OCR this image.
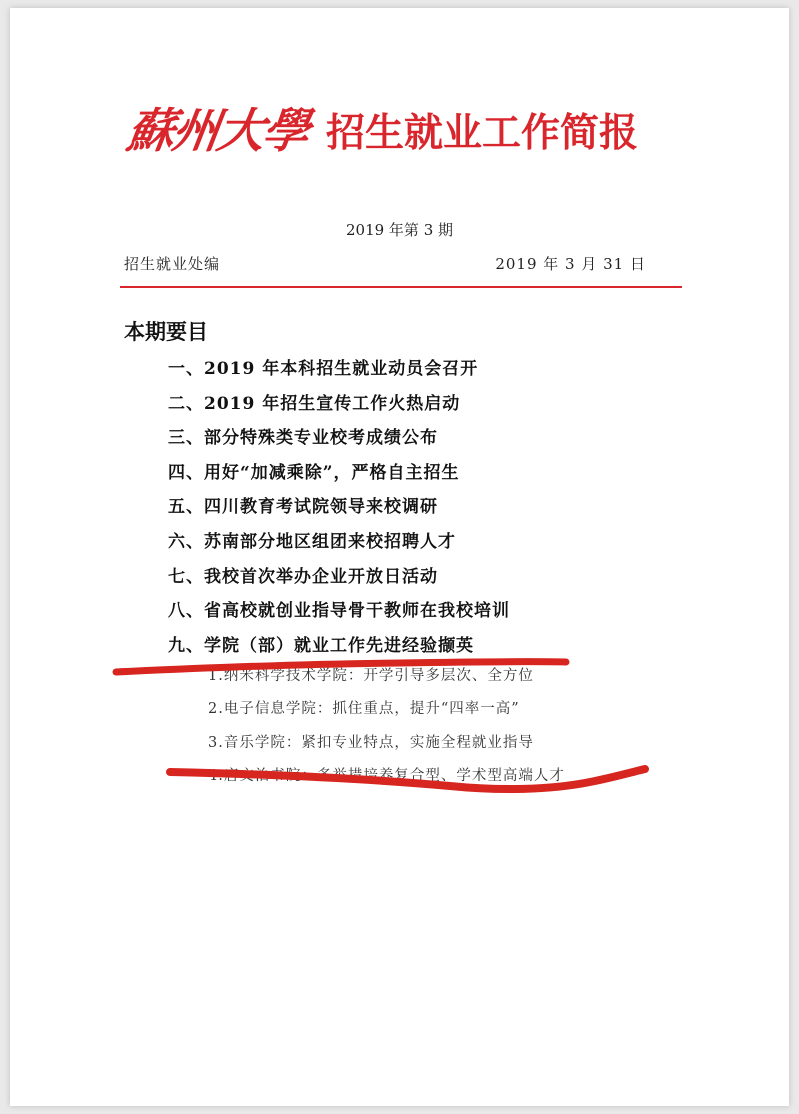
蘇州大學 招生就业工作简报
2019 年第 3 期
招生就业处编	2019 年 3 月 31 日
本期要目
一、2019 年本科招生就业动员会召开
二、2019 年招生宣传工作火热启动
三、部分特殊类专业校考成绩公布
四、用好“加减乘除”，严格自主招生
五、四川教育考试院领导来校调研
六、苏南部分地区组团来校招聘人才
七、我校首次举办企业开放日活动
八、省高校就创业指导骨干教师在我校培训
九、学院（部）就业工作先进经验撷英
1.纳米科学技术学院：开学引导多层次、全方位
2.电子信息学院：抓住重点，提升“四率一高”
3.音乐学院：紧扣专业特点，实施全程就业指导
4.唐文治书院：多举措培养复合型、学术型高端人才
